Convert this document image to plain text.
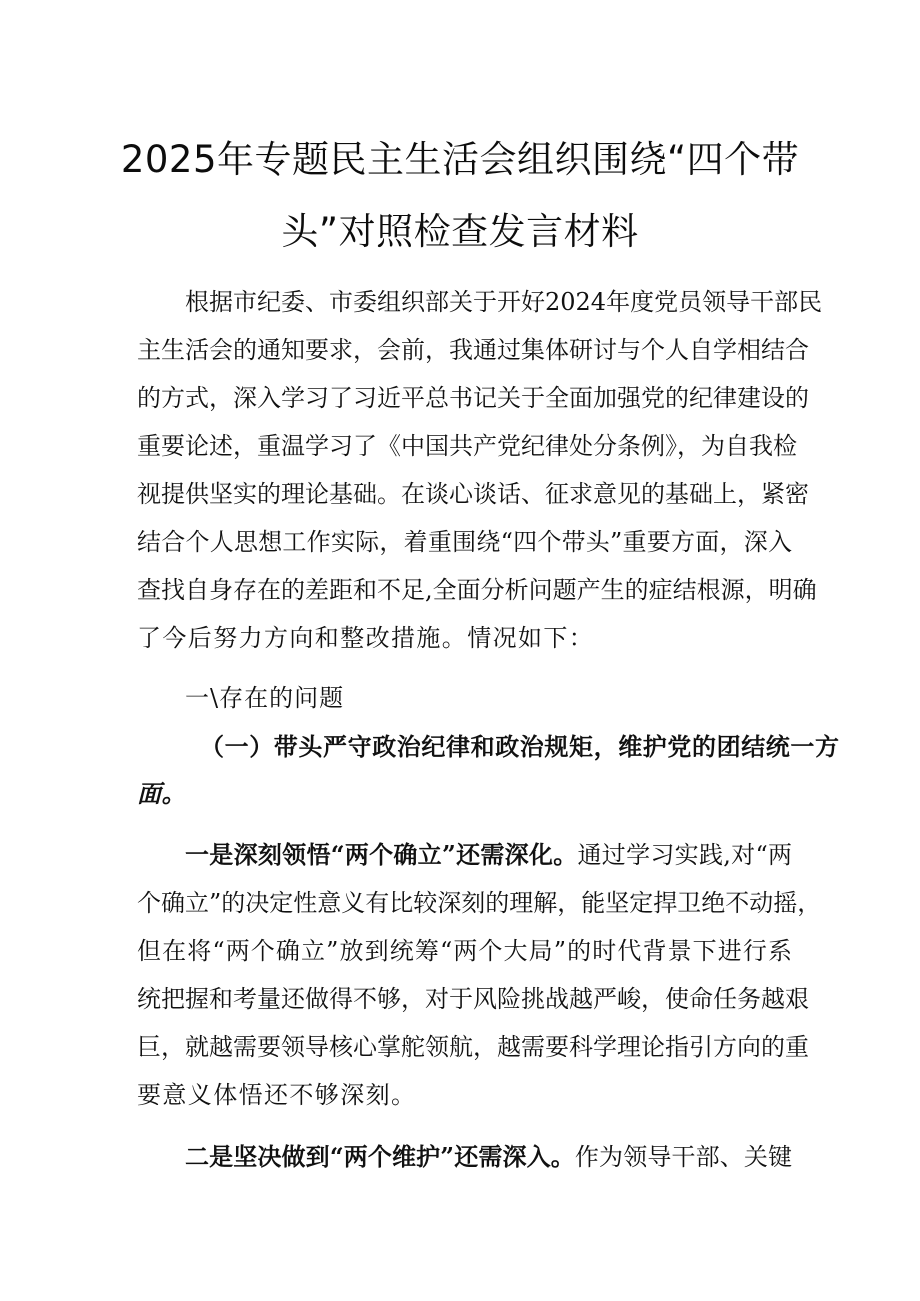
2025年专题民主生活会组织围绕“四个带
头”对照检查发言材料
根据市纪委、市委组织部关于开好2024年度党员领导干部民
主生活会的通知要求，会前，我通过集体研讨与个人自学相结合
的方式，深入学习了习近平总书记关于全面加强党的纪律建设的
重要论述，重温学习了《中国共产党纪律处分条例》，为自我检
视提供坚实的理论基础。在谈心谈话、征求意见的基础上，紧密
结合个人思想工作实际，着重围绕“四个带头”重要方面，深入
查找自身存在的差距和不足,全面分析问题产生的症结根源，明确
了今后努力方向和整改措施。情况如下：
一\存在的问题
（一）带头严守政治纪律和政治规矩，维护党的团结统一方
面。
一是深刻领悟“两个确立”还需深化。通过学习实践,对“两
个确立”的决定性意义有比较深刻的理解，能坚定捍卫绝不动摇，
但在将“两个确立”放到统筹“两个大局”的时代背景下进行系
统把握和考量还做得不够，对于风险挑战越严峻，使命任务越艰
巨，就越需要领导核心掌舵领航，越需要科学理论指引方向的重
要意义体悟还不够深刻。
二是坚决做到“两个维护”还需深入。作为领导干部、关键
